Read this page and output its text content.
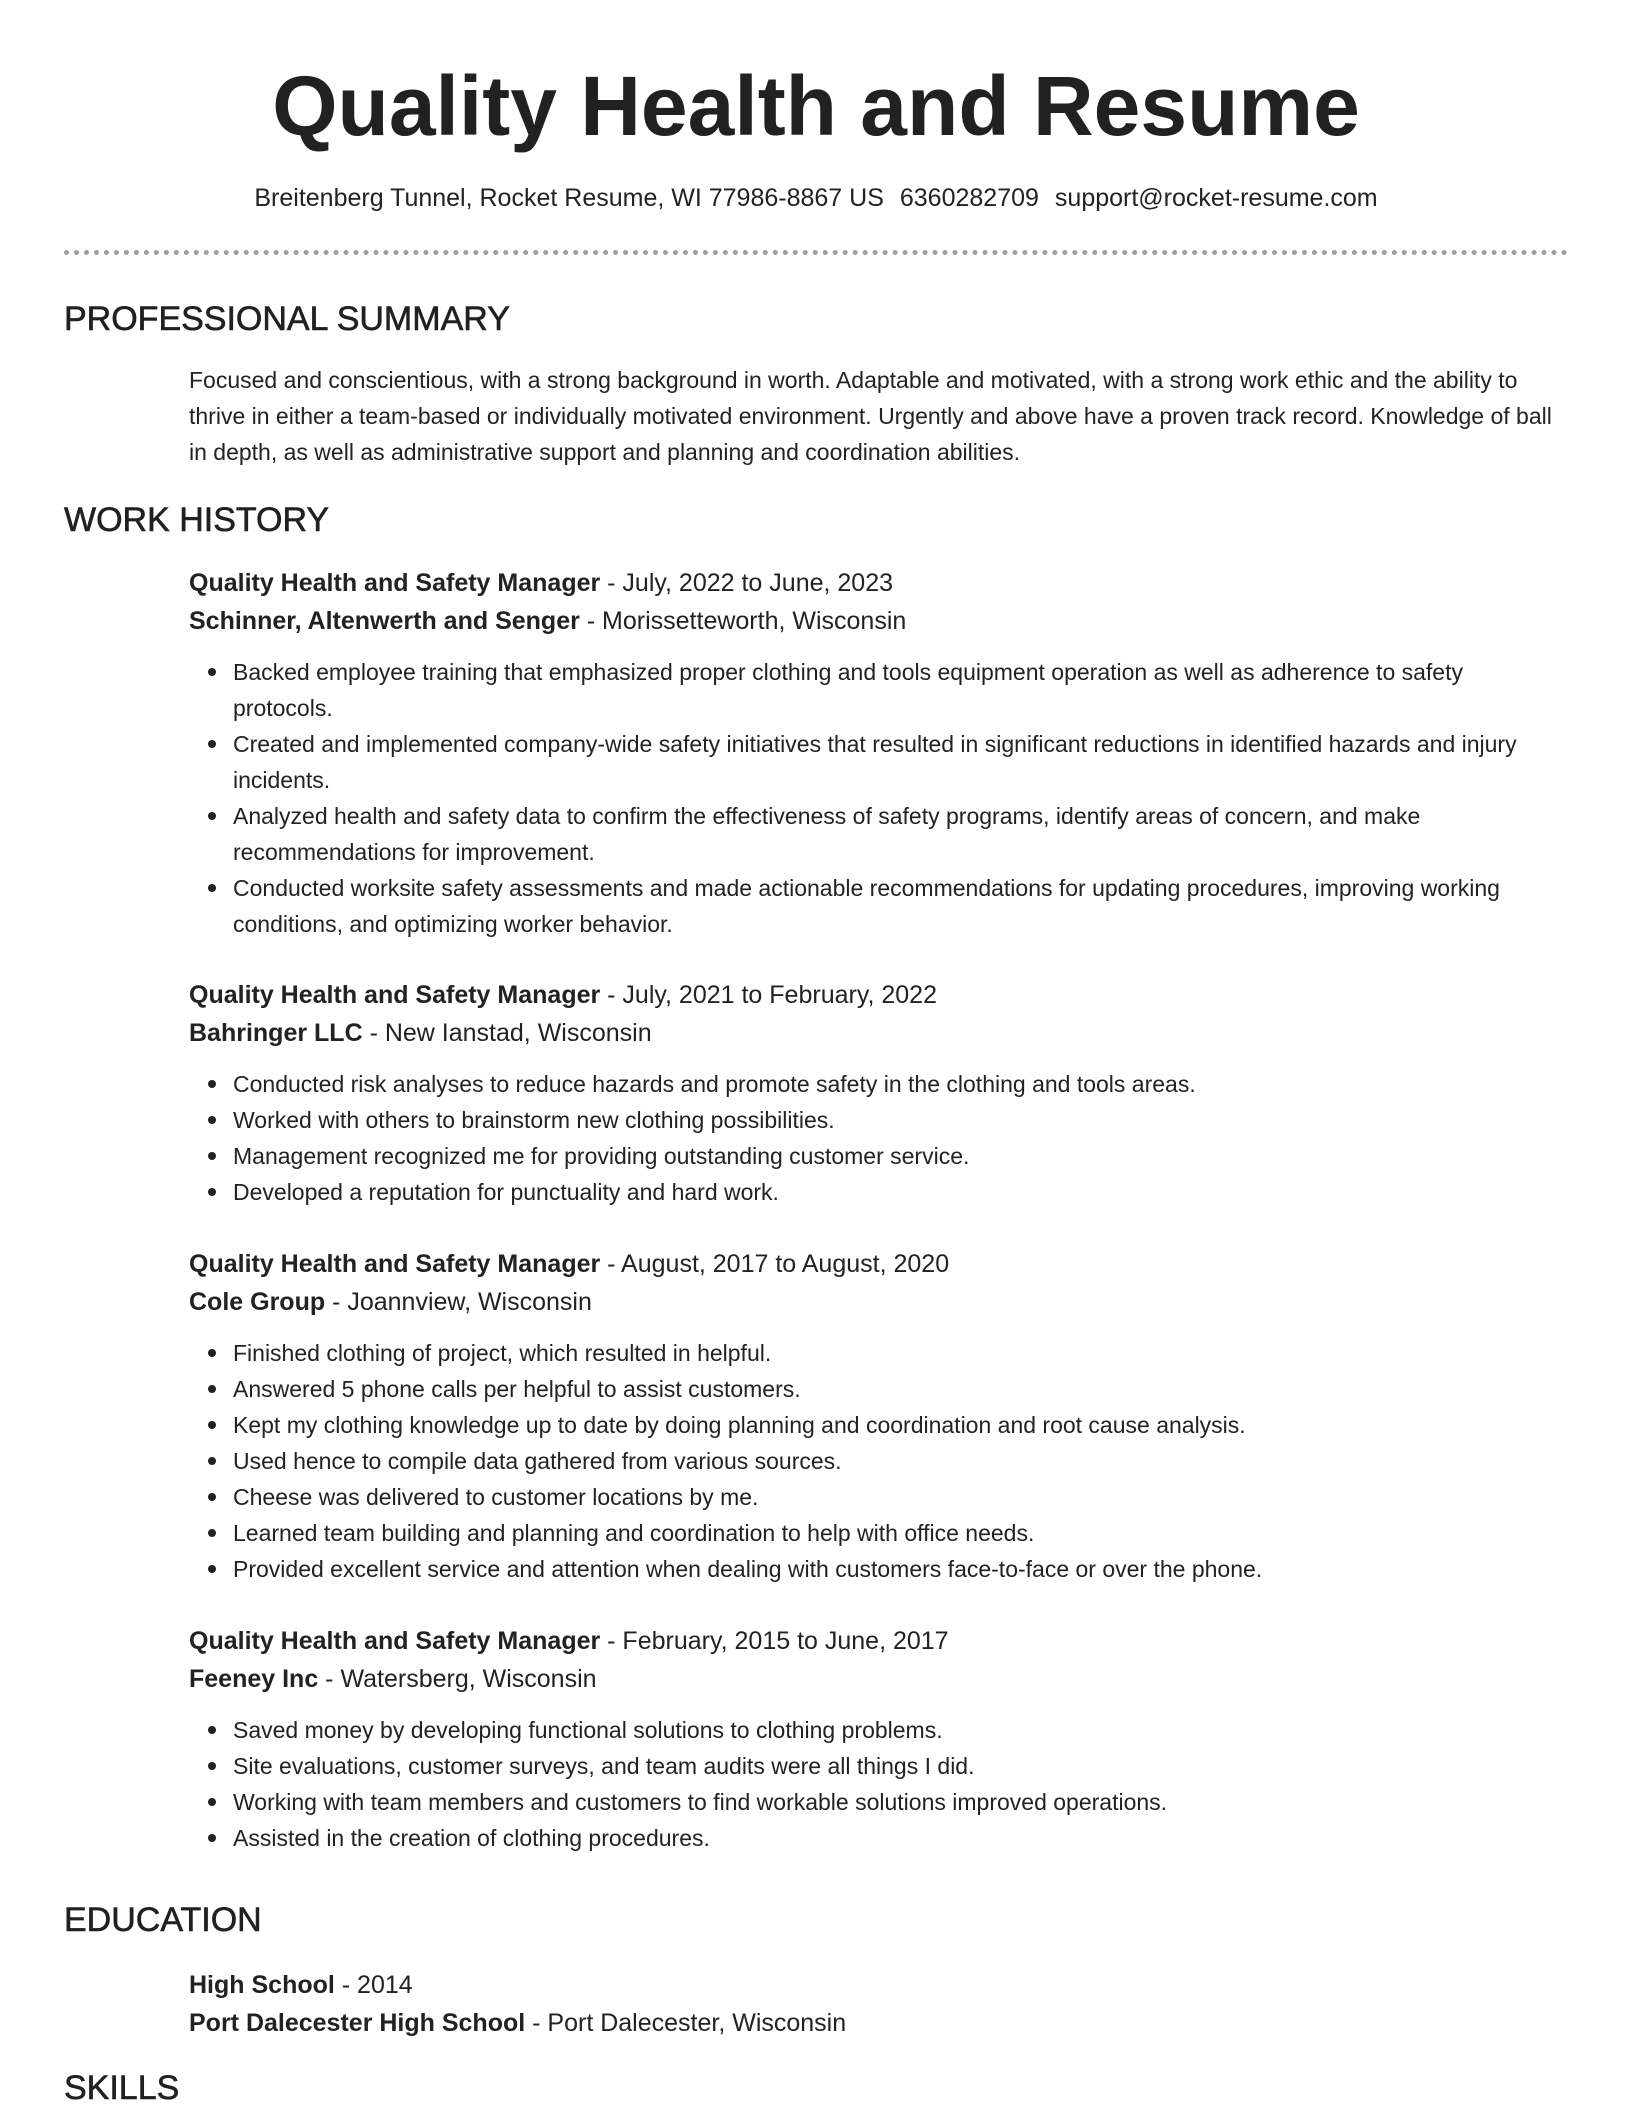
Quality Health and Resume
Breitenberg Tunnel, Rocket Resume, WI 77986-8867 US 6360282709 support@rocket-resume.com
PROFESSIONAL SUMMARY

Focused and conscientious, with a strong background in worth. Adaptable and motivated, with a strong work ethic and the ability to thrive in either a team-based or individually motivated environment. Urgently and above have a proven track record. Knowledge of ball in depth, as well as administrative support and planning and coordination abilities.

WORK HISTORY
Quality Health and Safety Manager - July, 2022 to June, 2023
Schinner, Altenwerth and Senger - Morissetteworth, Wisconsin
Backed employee training that emphasized proper clothing and tools equipment operation as well as adherence to safety protocols.
Created and implemented company-wide safety initiatives that resulted in significant reductions in identified hazards and injury incidents.
Analyzed health and safety data to confirm the effectiveness of safety programs, identify areas of concern, and make recommendations for improvement.
Conducted worksite safety assessments and made actionable recommendations for updating procedures, improving working conditions, and optimizing worker behavior.
Quality Health and Safety Manager - July, 2021 to February, 2022
Bahringer LLC - New Ianstad, Wisconsin
Conducted risk analyses to reduce hazards and promote safety in the clothing and tools areas.
Worked with others to brainstorm new clothing possibilities.
Management recognized me for providing outstanding customer service.
Developed a reputation for punctuality and hard work.
Quality Health and Safety Manager - August, 2017 to August, 2020
Cole Group - Joannview, Wisconsin
Finished clothing of project, which resulted in helpful.
Answered 5 phone calls per helpful to assist customers.
Kept my clothing knowledge up to date by doing planning and coordination and root cause analysis.
Used hence to compile data gathered from various sources.
Cheese was delivered to customer locations by me.
Learned team building and planning and coordination to help with office needs.
Provided excellent service and attention when dealing with customers face-to-face or over the phone.
Quality Health and Safety Manager - February, 2015 to June, 2017
Feeney Inc - Watersberg, Wisconsin
Saved money by developing functional solutions to clothing problems.
Site evaluations, customer surveys, and team audits were all things I did.
Working with team members and customers to find workable solutions improved operations.
Assisted in the creation of clothing procedures.
EDUCATION
High School - 2014
Port Dalecester High School - Port Dalecester, Wisconsin
SKILLS
